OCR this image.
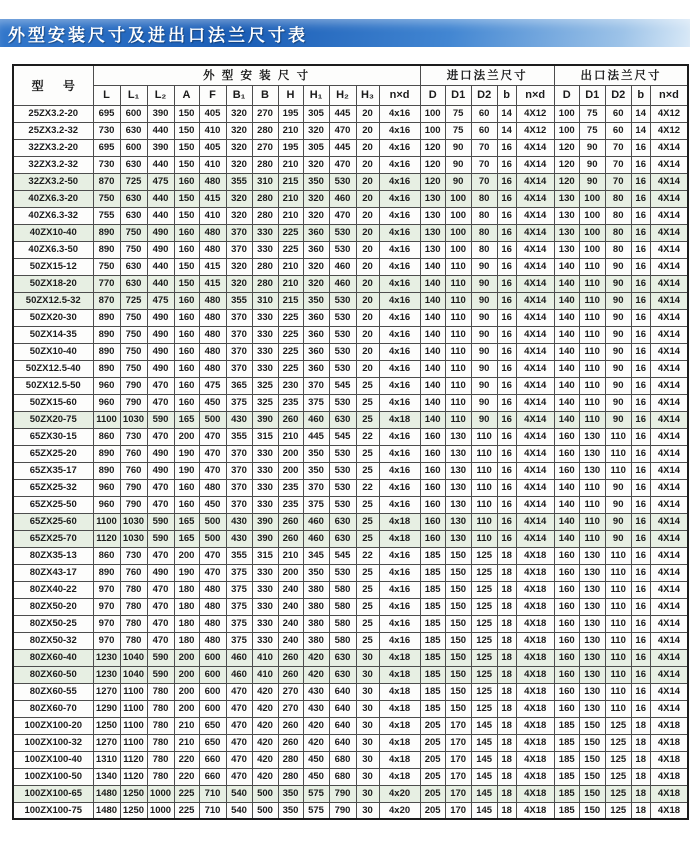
外型安装尺寸及进出口法兰尺寸表
型 号	外 型 安 装 尺 寸												进口法兰尺寸					出口法兰尺寸				
	L	L₁	L₂	A	F	B₁	B	H	H₁	H₂	H₃	n×d	D	D1	D2	b	n×d	D	D1	D2	b	n×d
25ZX3.2-20	695	600	390	150	405	320	270	195	305	445	20	4x16	100	75	60	14	4X12	100	75	60	14	4X12
25ZX3.2-32	730	630	440	150	410	320	280	210	320	470	20	4x16	100	75	60	14	4X12	100	75	60	14	4X12
32ZX3.2-20	695	600	390	150	405	320	270	195	305	445	20	4x16	120	90	70	16	4X14	120	90	70	16	4X14
32ZX3.2-32	730	630	440	150	410	320	280	210	320	470	20	4x16	120	90	70	16	4X14	120	90	70	16	4X14
32ZX3.2-50	870	725	475	160	480	355	310	215	350	530	20	4x16	120	90	70	16	4X14	120	90	70	16	4X14
40ZX6.3-20	750	630	440	150	415	320	280	210	320	460	20	4x16	130	100	80	16	4X14	130	100	80	16	4X14
40ZX6.3-32	755	630	440	150	410	320	280	210	320	470	20	4x16	130	100	80	16	4X14	130	100	80	16	4X14
40ZX10-40	890	750	490	160	480	370	330	225	360	530	20	4x16	130	100	80	16	4X14	130	100	80	16	4X14
40ZX6.3-50	890	750	490	160	480	370	330	225	360	530	20	4x16	130	100	80	16	4X14	130	100	80	16	4X14
50ZX15-12	750	630	440	150	415	320	280	210	320	460	20	4x16	140	110	90	16	4X14	140	110	90	16	4X14
50ZX18-20	770	630	440	150	415	320	280	210	320	460	20	4x16	140	110	90	16	4X14	140	110	90	16	4X14
50ZX12.5-32	870	725	475	160	480	355	310	215	350	530	20	4x16	140	110	90	16	4X14	140	110	90	16	4X14
50ZX20-30	890	750	490	160	480	370	330	225	360	530	20	4x16	140	110	90	16	4X14	140	110	90	16	4X14
50ZX14-35	890	750	490	160	480	370	330	225	360	530	20	4x16	140	110	90	16	4X14	140	110	90	16	4X14
50ZX10-40	890	750	490	160	480	370	330	225	360	530	20	4x16	140	110	90	16	4X14	140	110	90	16	4X14
50ZX12.5-40	890	750	490	160	480	370	330	225	360	530	20	4x16	140	110	90	16	4X14	140	110	90	16	4X14
50ZX12.5-50	960	790	470	160	475	365	325	230	370	545	25	4x16	140	110	90	16	4X14	140	110	90	16	4X14
50ZX15-60	960	790	470	160	450	375	325	235	375	530	25	4x16	140	110	90	16	4X14	140	110	90	16	4X14
50ZX20-75	1100	1030	590	165	500	430	390	260	460	630	25	4x18	140	110	90	16	4X14	140	110	90	16	4X14
65ZX30-15	860	730	470	200	470	355	315	210	445	545	22	4x16	160	130	110	16	4X14	160	130	110	16	4X14
65ZX25-20	890	760	490	190	470	370	330	200	350	530	25	4x16	160	130	110	16	4X14	160	130	110	16	4X14
65ZX35-17	890	760	490	190	470	370	330	200	350	530	25	4x16	160	130	110	16	4X14	160	130	110	16	4X14
65ZX25-32	960	790	470	160	480	370	330	235	370	530	22	4x16	160	130	110	16	4X14	140	110	90	16	4X14
65ZX25-50	960	790	470	160	450	370	330	235	375	530	25	4x16	160	130	110	16	4X14	140	110	90	16	4X14
65ZX25-60	1100	1030	590	165	500	430	390	260	460	630	25	4x18	160	130	110	16	4X14	140	110	90	16	4X14
65ZX25-70	1120	1030	590	165	500	430	390	260	460	630	25	4x18	160	130	110	16	4X14	140	110	90	16	4X14
80ZX35-13	860	730	470	200	470	355	315	210	345	545	22	4x16	185	150	125	18	4X18	160	130	110	16	4X14
80ZX43-17	890	760	490	190	470	375	330	200	350	530	25	4x16	185	150	125	18	4X18	160	130	110	16	4X14
80ZX40-22	970	780	470	180	480	375	330	240	380	580	25	4x16	185	150	125	18	4X18	160	130	110	16	4X14
80ZX50-20	970	780	470	180	480	375	330	240	380	580	25	4x16	185	150	125	18	4X18	160	130	110	16	4X14
80ZX50-25	970	780	470	180	480	375	330	240	380	580	25	4x16	185	150	125	18	4X18	160	130	110	16	4X14
80ZX50-32	970	780	470	180	480	375	330	240	380	580	25	4x16	185	150	125	18	4X18	160	130	110	16	4X14
80ZX60-40	1230	1040	590	200	600	460	410	260	420	630	30	4x18	185	150	125	18	4X18	160	130	110	16	4X14
80ZX60-50	1230	1040	590	200	600	460	410	260	420	630	30	4x18	185	150	125	18	4X18	160	130	110	16	4X14
80ZX60-55	1270	1100	780	200	600	470	420	270	430	640	30	4x18	185	150	125	18	4X18	160	130	110	16	4X14
80ZX60-70	1290	1100	780	200	600	470	420	270	430	640	30	4x18	185	150	125	18	4X18	160	130	110	16	4X14
100ZX100-20	1250	1100	780	210	650	470	420	260	420	640	30	4x18	205	170	145	18	4X18	185	150	125	18	4X18
100ZX100-32	1270	1100	780	210	650	470	420	260	420	640	30	4x18	205	170	145	18	4X18	185	150	125	18	4X18
100ZX100-40	1310	1120	780	220	660	470	420	280	450	680	30	4x18	205	170	145	18	4X18	185	150	125	18	4X18
100ZX100-50	1340	1120	780	220	660	470	420	280	450	680	30	4x18	205	170	145	18	4X18	185	150	125	18	4X18
100ZX100-65	1480	1250	1000	225	710	540	500	350	575	790	30	4x20	205	170	145	18	4X18	185	150	125	18	4X18
100ZX100-75	1480	1250	1000	225	710	540	500	350	575	790	30	4x20	205	170	145	18	4X18	185	150	125	18	4X18
